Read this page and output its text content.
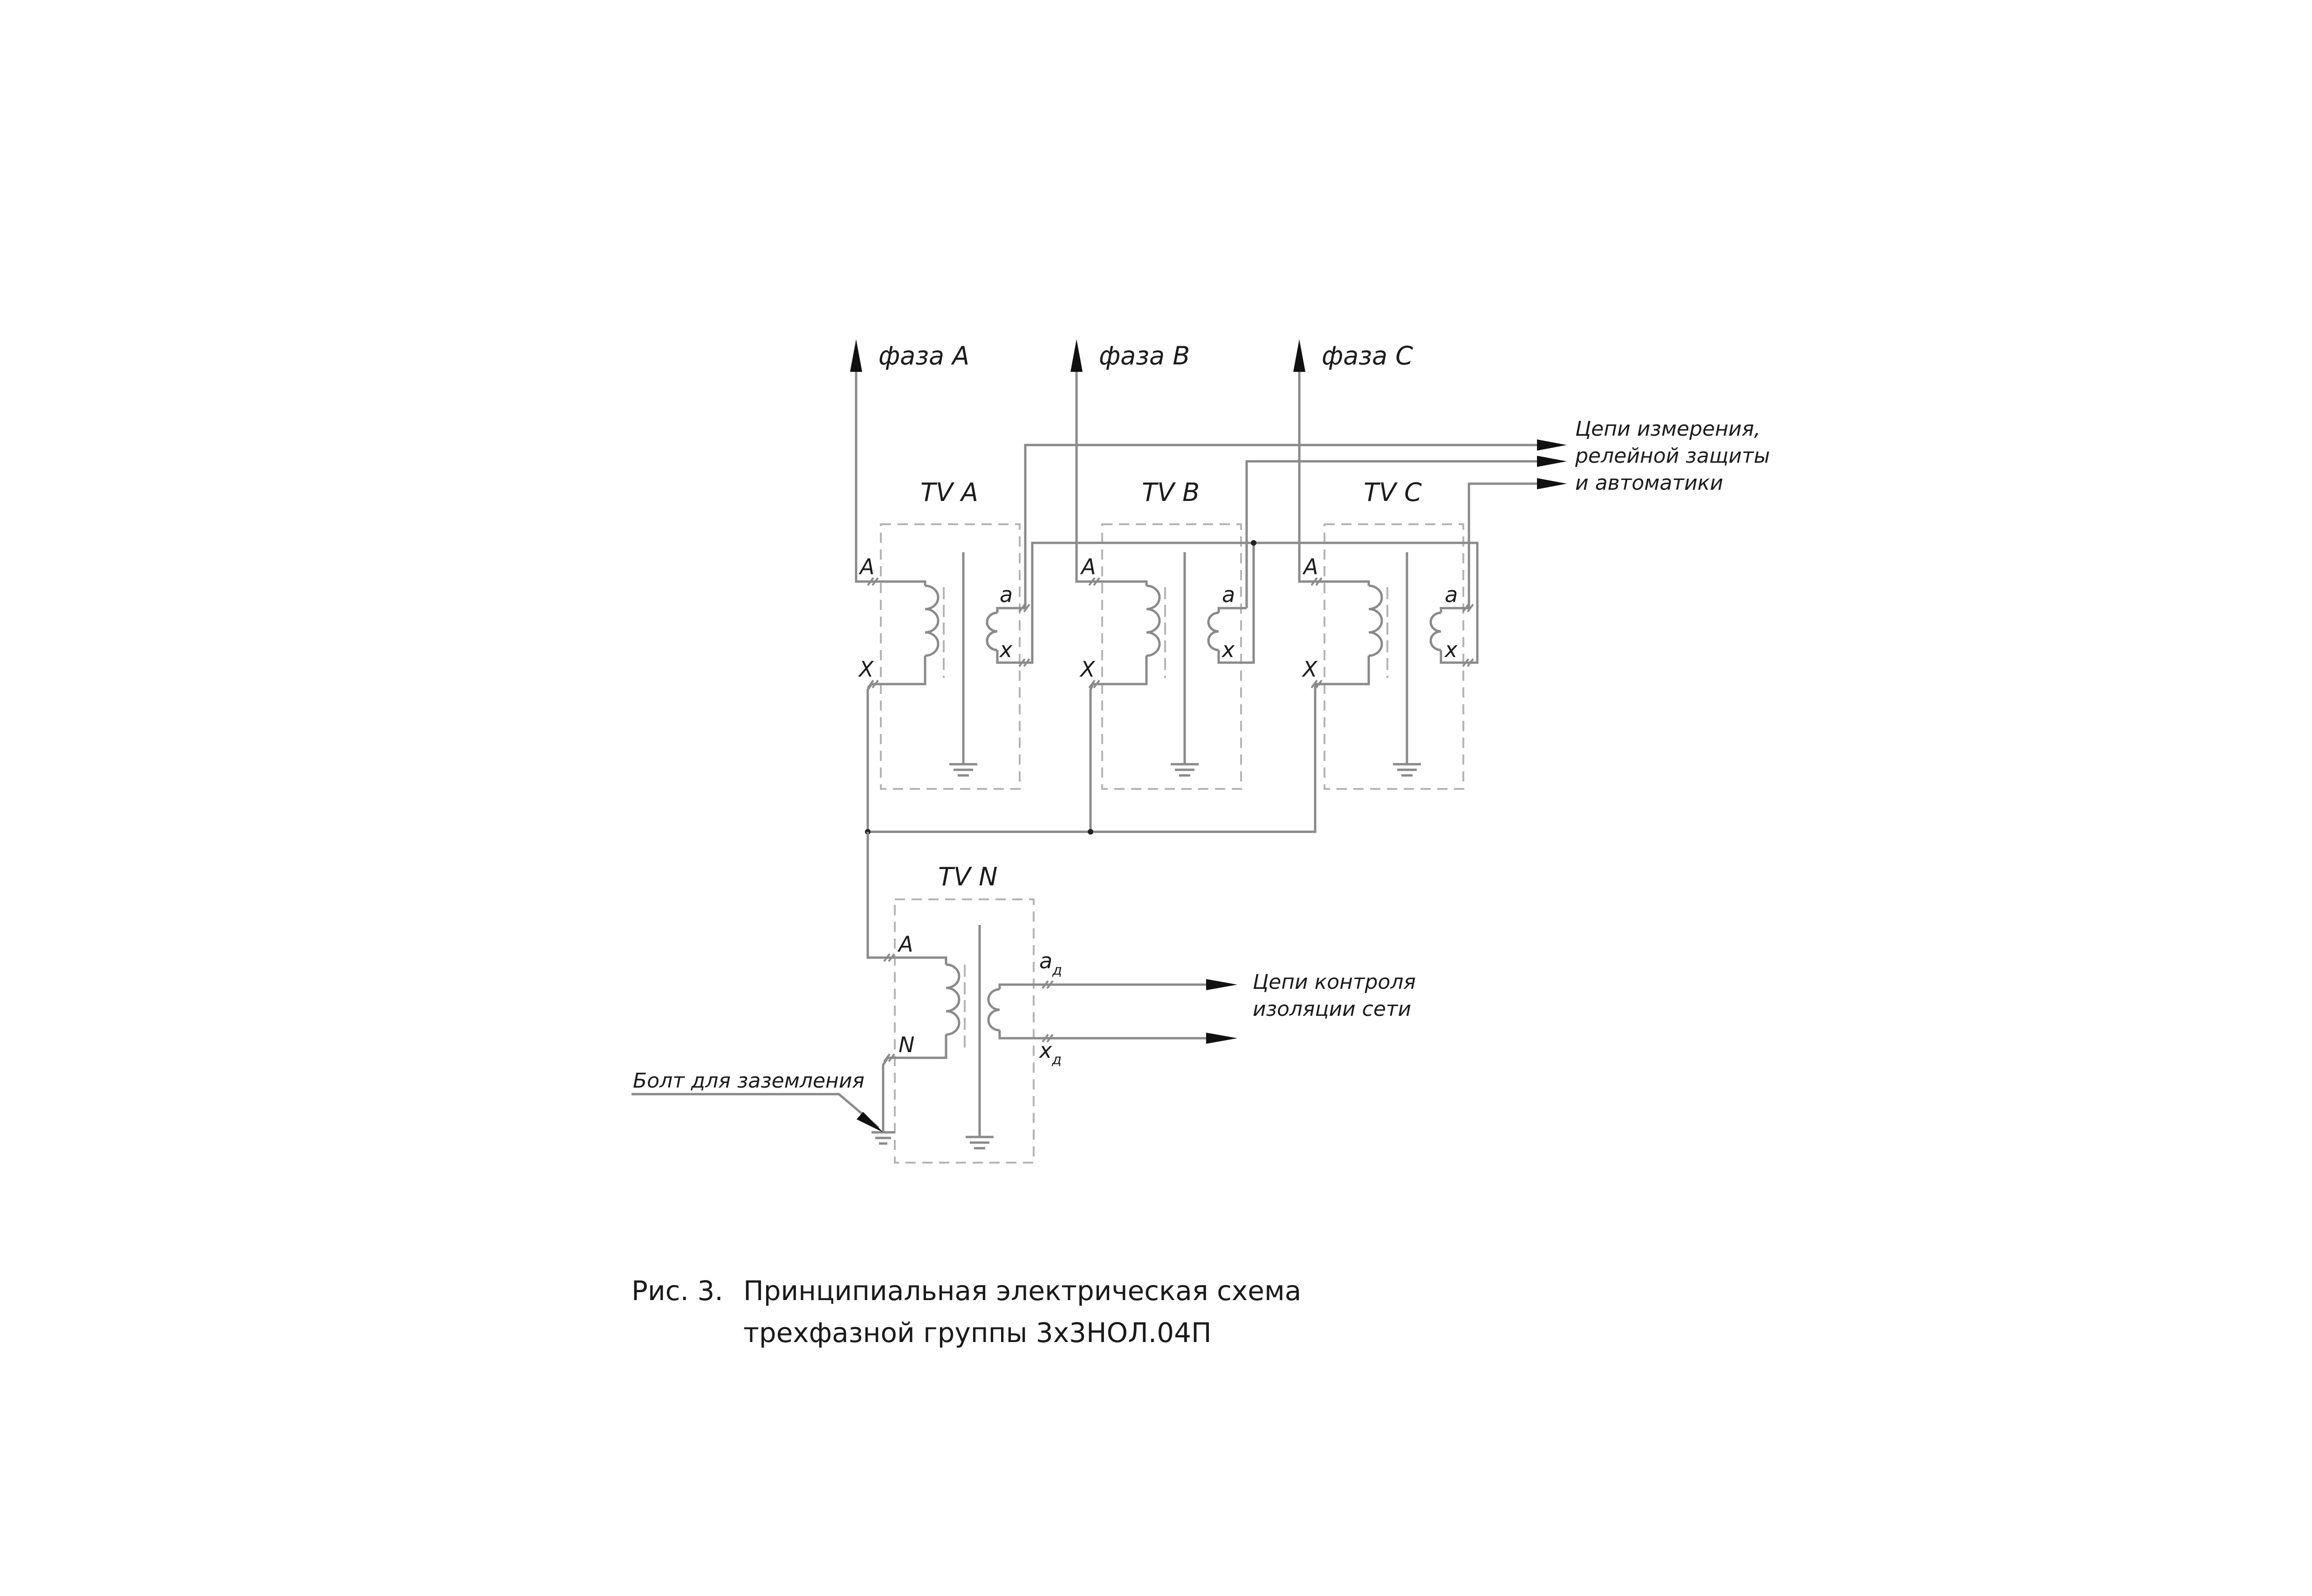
фаза A	фаза B	фаза C
TV A	TV B	TV C
TV N
A
X
a
x
A
X
a
x
A
X
a
x
A
N
$a_д$
$x_д$
Цепи измерения,
релейной защиты
и автоматики
Цепи контроля
изоляции сети
Болт для заземления
Рис. 3. Принципиальная электрическая схема
трехфазной группы 3х3НОЛ.04П
